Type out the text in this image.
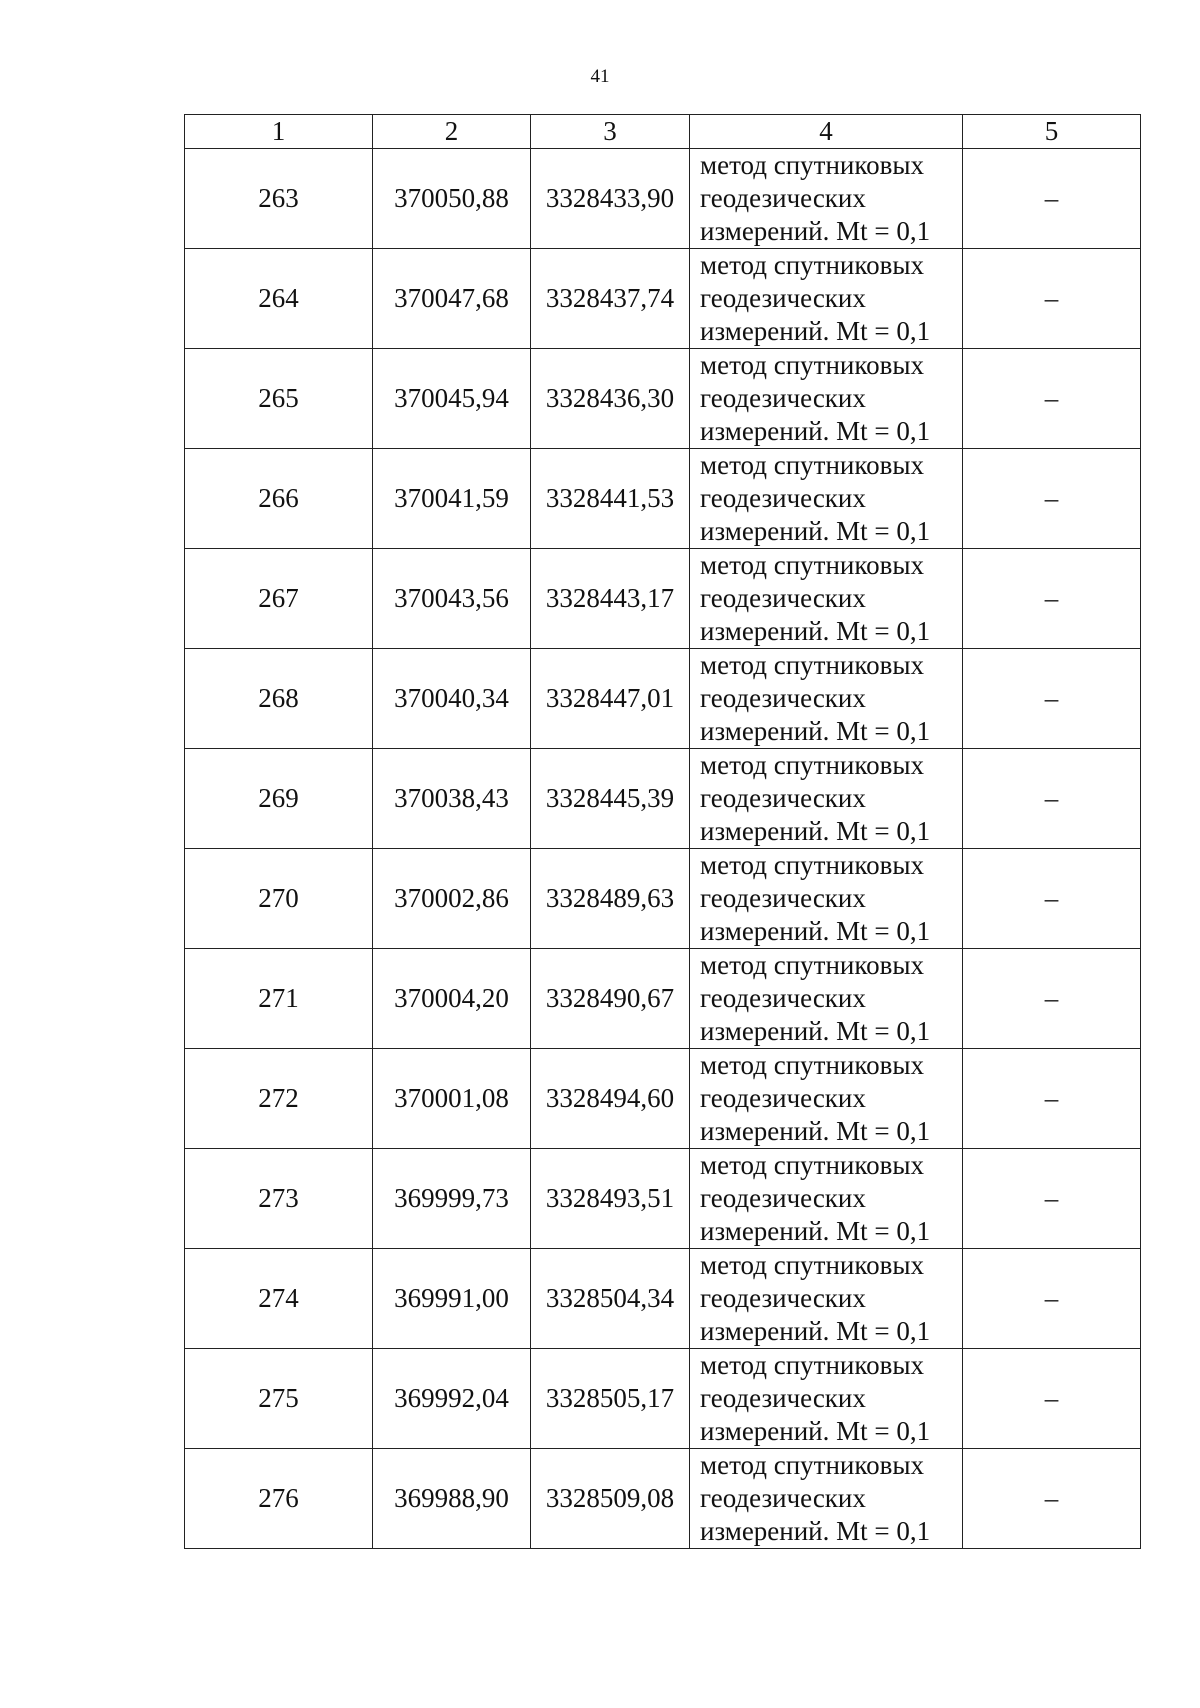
41
1	2	3	4	5
263	370050,88	3328433,90	метод спутниковых
геодезических
измерений. Mt = 0,1	–
264	370047,68	3328437,74	метод спутниковых
геодезических
измерений. Mt = 0,1	–
265	370045,94	3328436,30	метод спутниковых
геодезических
измерений. Mt = 0,1	–
266	370041,59	3328441,53	метод спутниковых
геодезических
измерений. Mt = 0,1	–
267	370043,56	3328443,17	метод спутниковых
геодезических
измерений. Mt = 0,1	–
268	370040,34	3328447,01	метод спутниковых
геодезических
измерений. Mt = 0,1	–
269	370038,43	3328445,39	метод спутниковых
геодезических
измерений. Mt = 0,1	–
270	370002,86	3328489,63	метод спутниковых
геодезических
измерений. Mt = 0,1	–
271	370004,20	3328490,67	метод спутниковых
геодезических
измерений. Mt = 0,1	–
272	370001,08	3328494,60	метод спутниковых
геодезических
измерений. Mt = 0,1	–
273	369999,73	3328493,51	метод спутниковых
геодезических
измерений. Mt = 0,1	–
274	369991,00	3328504,34	метод спутниковых
геодезических
измерений. Mt = 0,1	–
275	369992,04	3328505,17	метод спутниковых
геодезических
измерений. Mt = 0,1	–
276	369988,90	3328509,08	метод спутниковых
геодезических
измерений. Mt = 0,1	–
